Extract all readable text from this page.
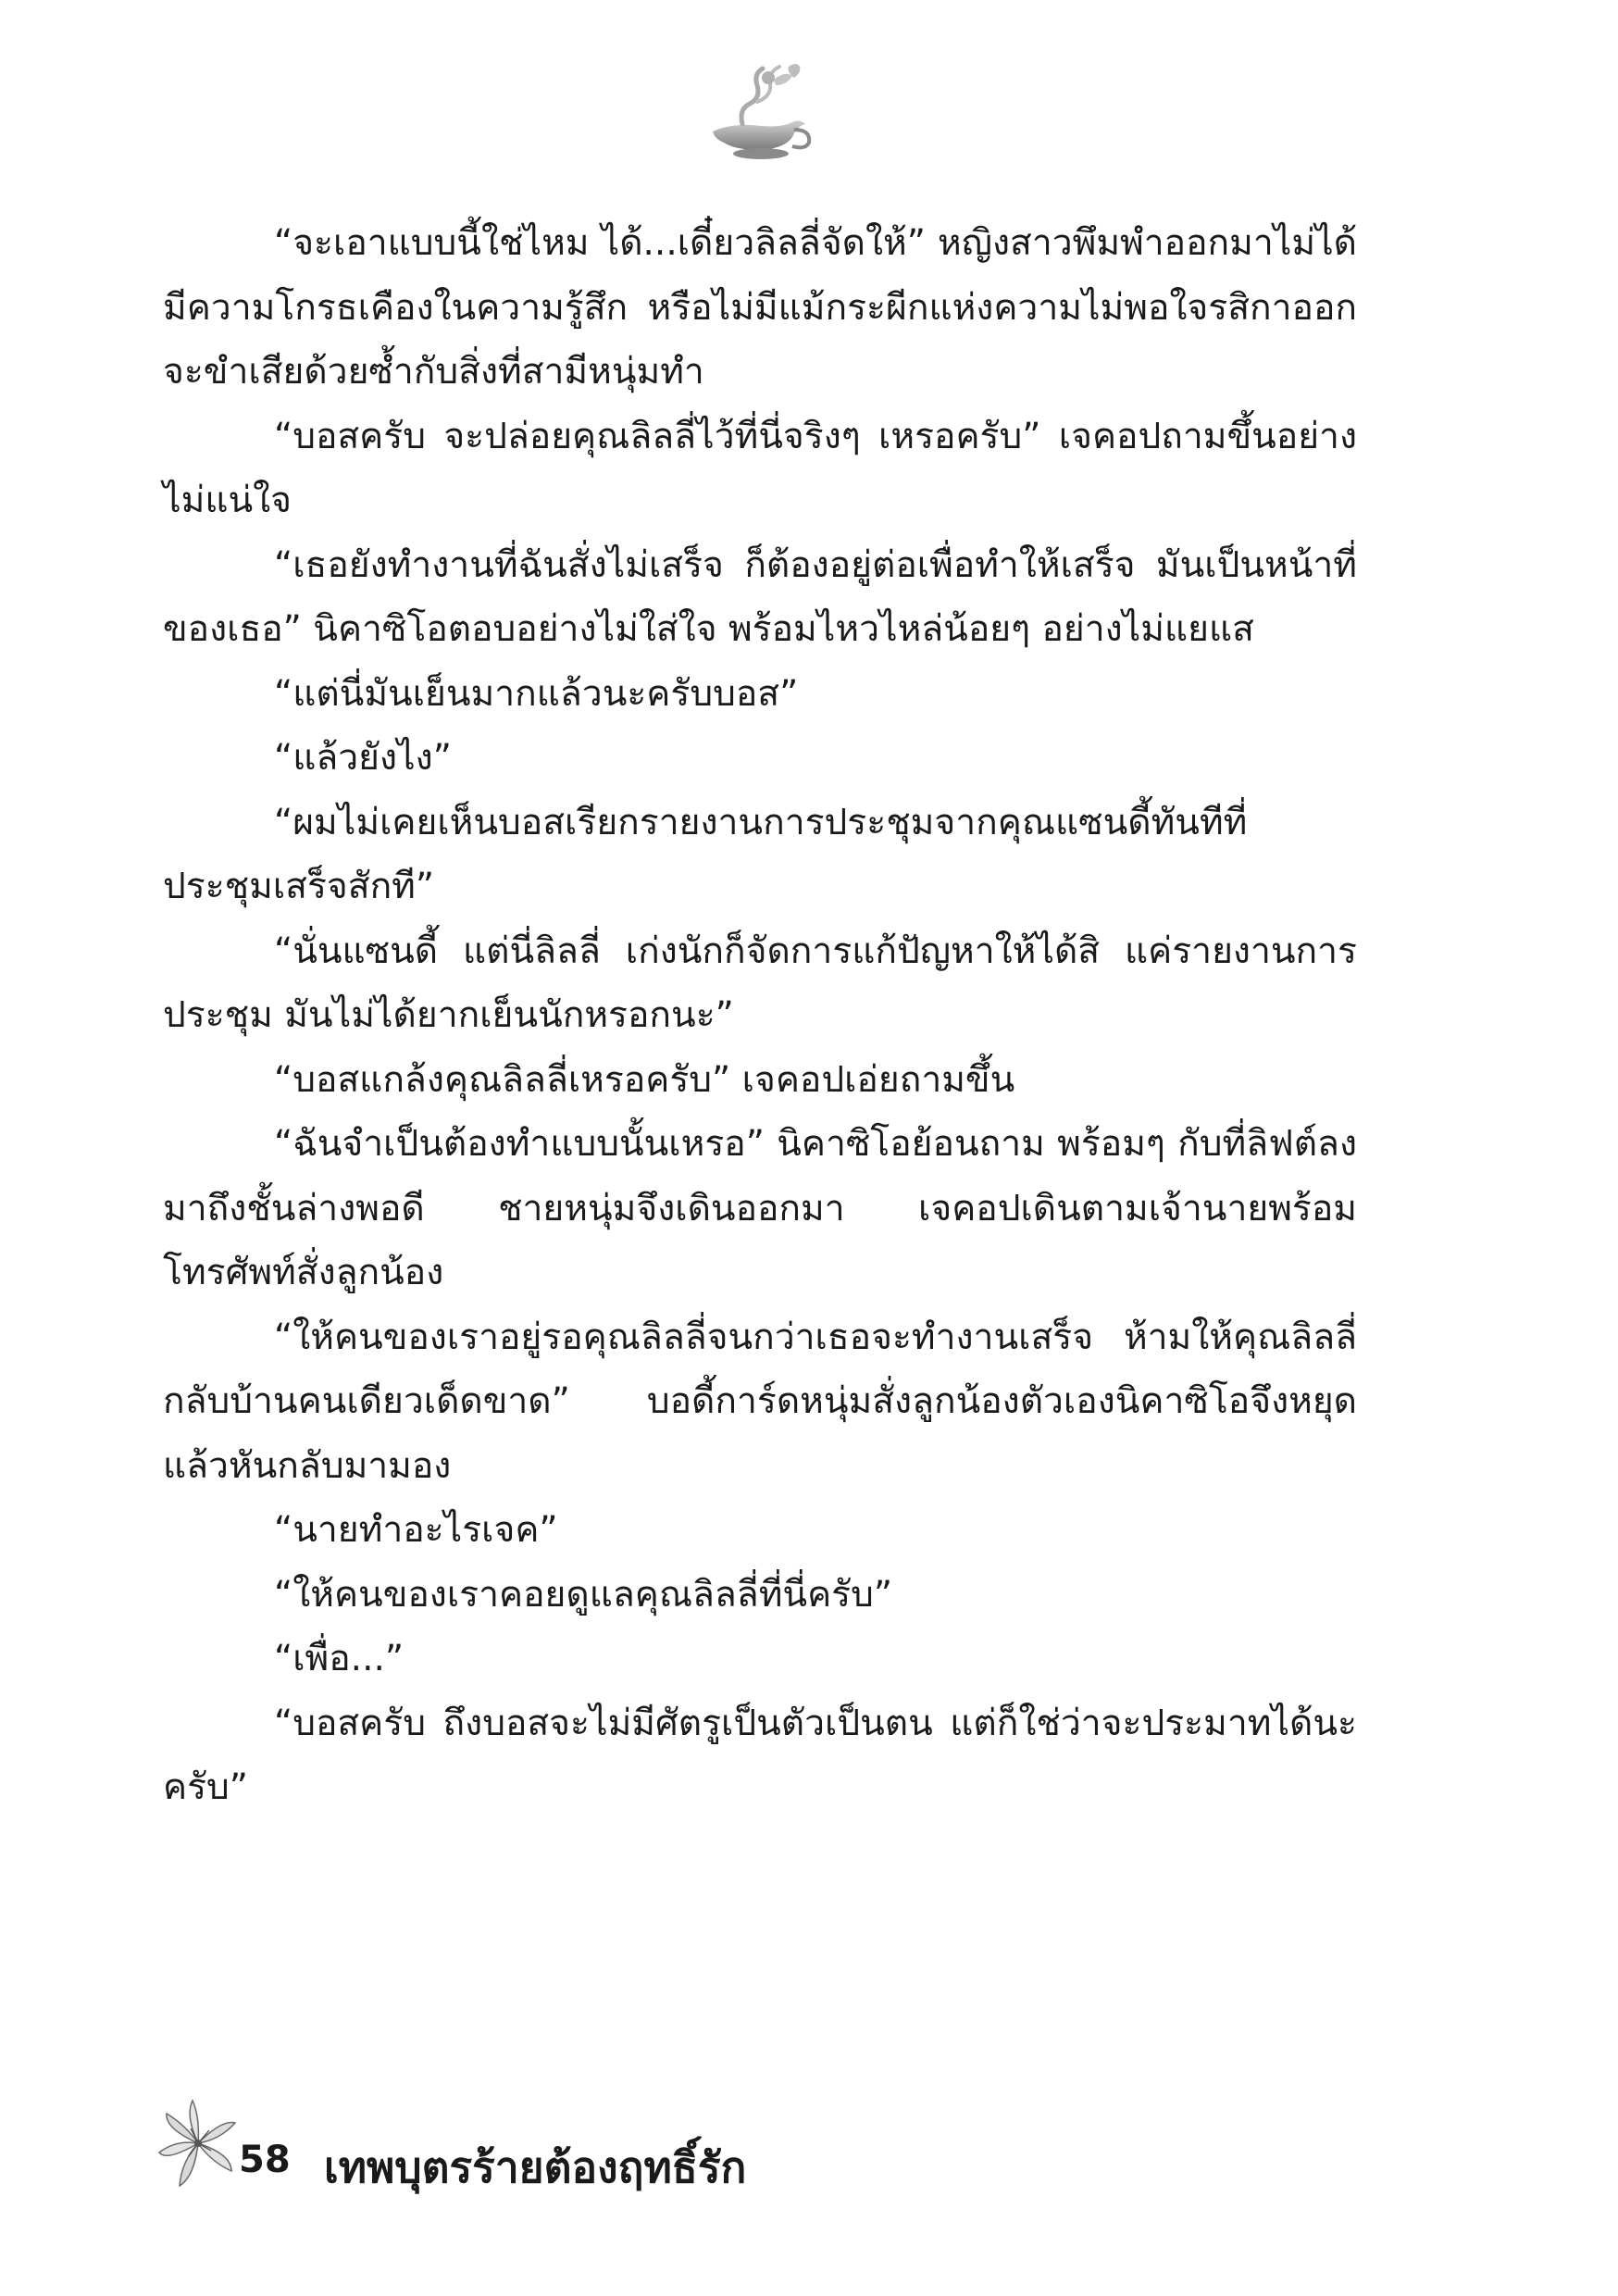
“จะเอาแบบนี้ใช่ไหม ได้...เดี๋ยวลิลลี่จัดให้” หญิงสาวพึมพำออกมาไม่ได้มีความโกรธเคืองในความรู้สึก หรือไม่มีแม้กระผีกแห่งความไม่พอใจรสิกาออกจะขำเสียด้วยซ้ำกับสิ่งที่สามีหนุ่มทำ

“บอสครับ จะปล่อยคุณลิลลี่ไว้ที่นี่จริงๆ เหรอครับ” เจคอปถามขึ้นอย่างไม่แน่ใจ

“เธอยังทำงานที่ฉันสั่งไม่เสร็จ ก็ต้องอยู่ต่อเพื่อทำให้เสร็จ มันเป็นหน้าที่ของเธอ” นิคาซิโอตอบอย่างไม่ใส่ใจ พร้อมไหวไหล่น้อยๆ อย่างไม่แยแส

“แต่นี่มันเย็นมากแล้วนะครับบอส”

“แล้วยังไง”

“ผมไม่เคยเห็นบอสเรียกรายงานการประชุมจากคุณแซนดี้ทันทีที่ประชุมเสร็จสักที”

“นั่นแซนดี้ แต่นี่ลิลลี่ เก่งนักก็จัดการแก้ปัญหาให้ได้สิ แค่รายงานการประชุม มันไม่ได้ยากเย็นนักหรอกนะ”

“บอสแกล้งคุณลิลลี่เหรอครับ” เจคอปเอ่ยถามขึ้น

“ฉันจำเป็นต้องทำแบบนั้นเหรอ” นิคาซิโอย้อนถาม พร้อมๆ กับที่ลิฟต์ลงมาถึงชั้นล่างพอดี ชายหนุ่มจึงเดินออกมา เจคอปเดินตามเจ้านายพร้อมโทรศัพท์สั่งลูกน้อง

“ให้คนของเราอยู่รอคุณลิลลี่จนกว่าเธอจะทำงานเสร็จ ห้ามให้คุณลิลลี่กลับบ้านคนเดียวเด็ดขาด” บอดี้การ์ดหนุ่มสั่งลูกน้องตัวเองนิคาซิโอจึงหยุดแล้วหันกลับมามอง

“นายทำอะไรเจค”

“ให้คนของเราคอยดูแลคุณลิลลี่ที่นี่ครับ”

“เพื่อ...”

“บอสครับ ถึงบอสจะไม่มีศัตรูเป็นตัวเป็นตน แต่ก็ใช่ว่าจะประมาทได้นะครับ”

58 เทพบุตรร้ายต้องฤทธิ์รัก
